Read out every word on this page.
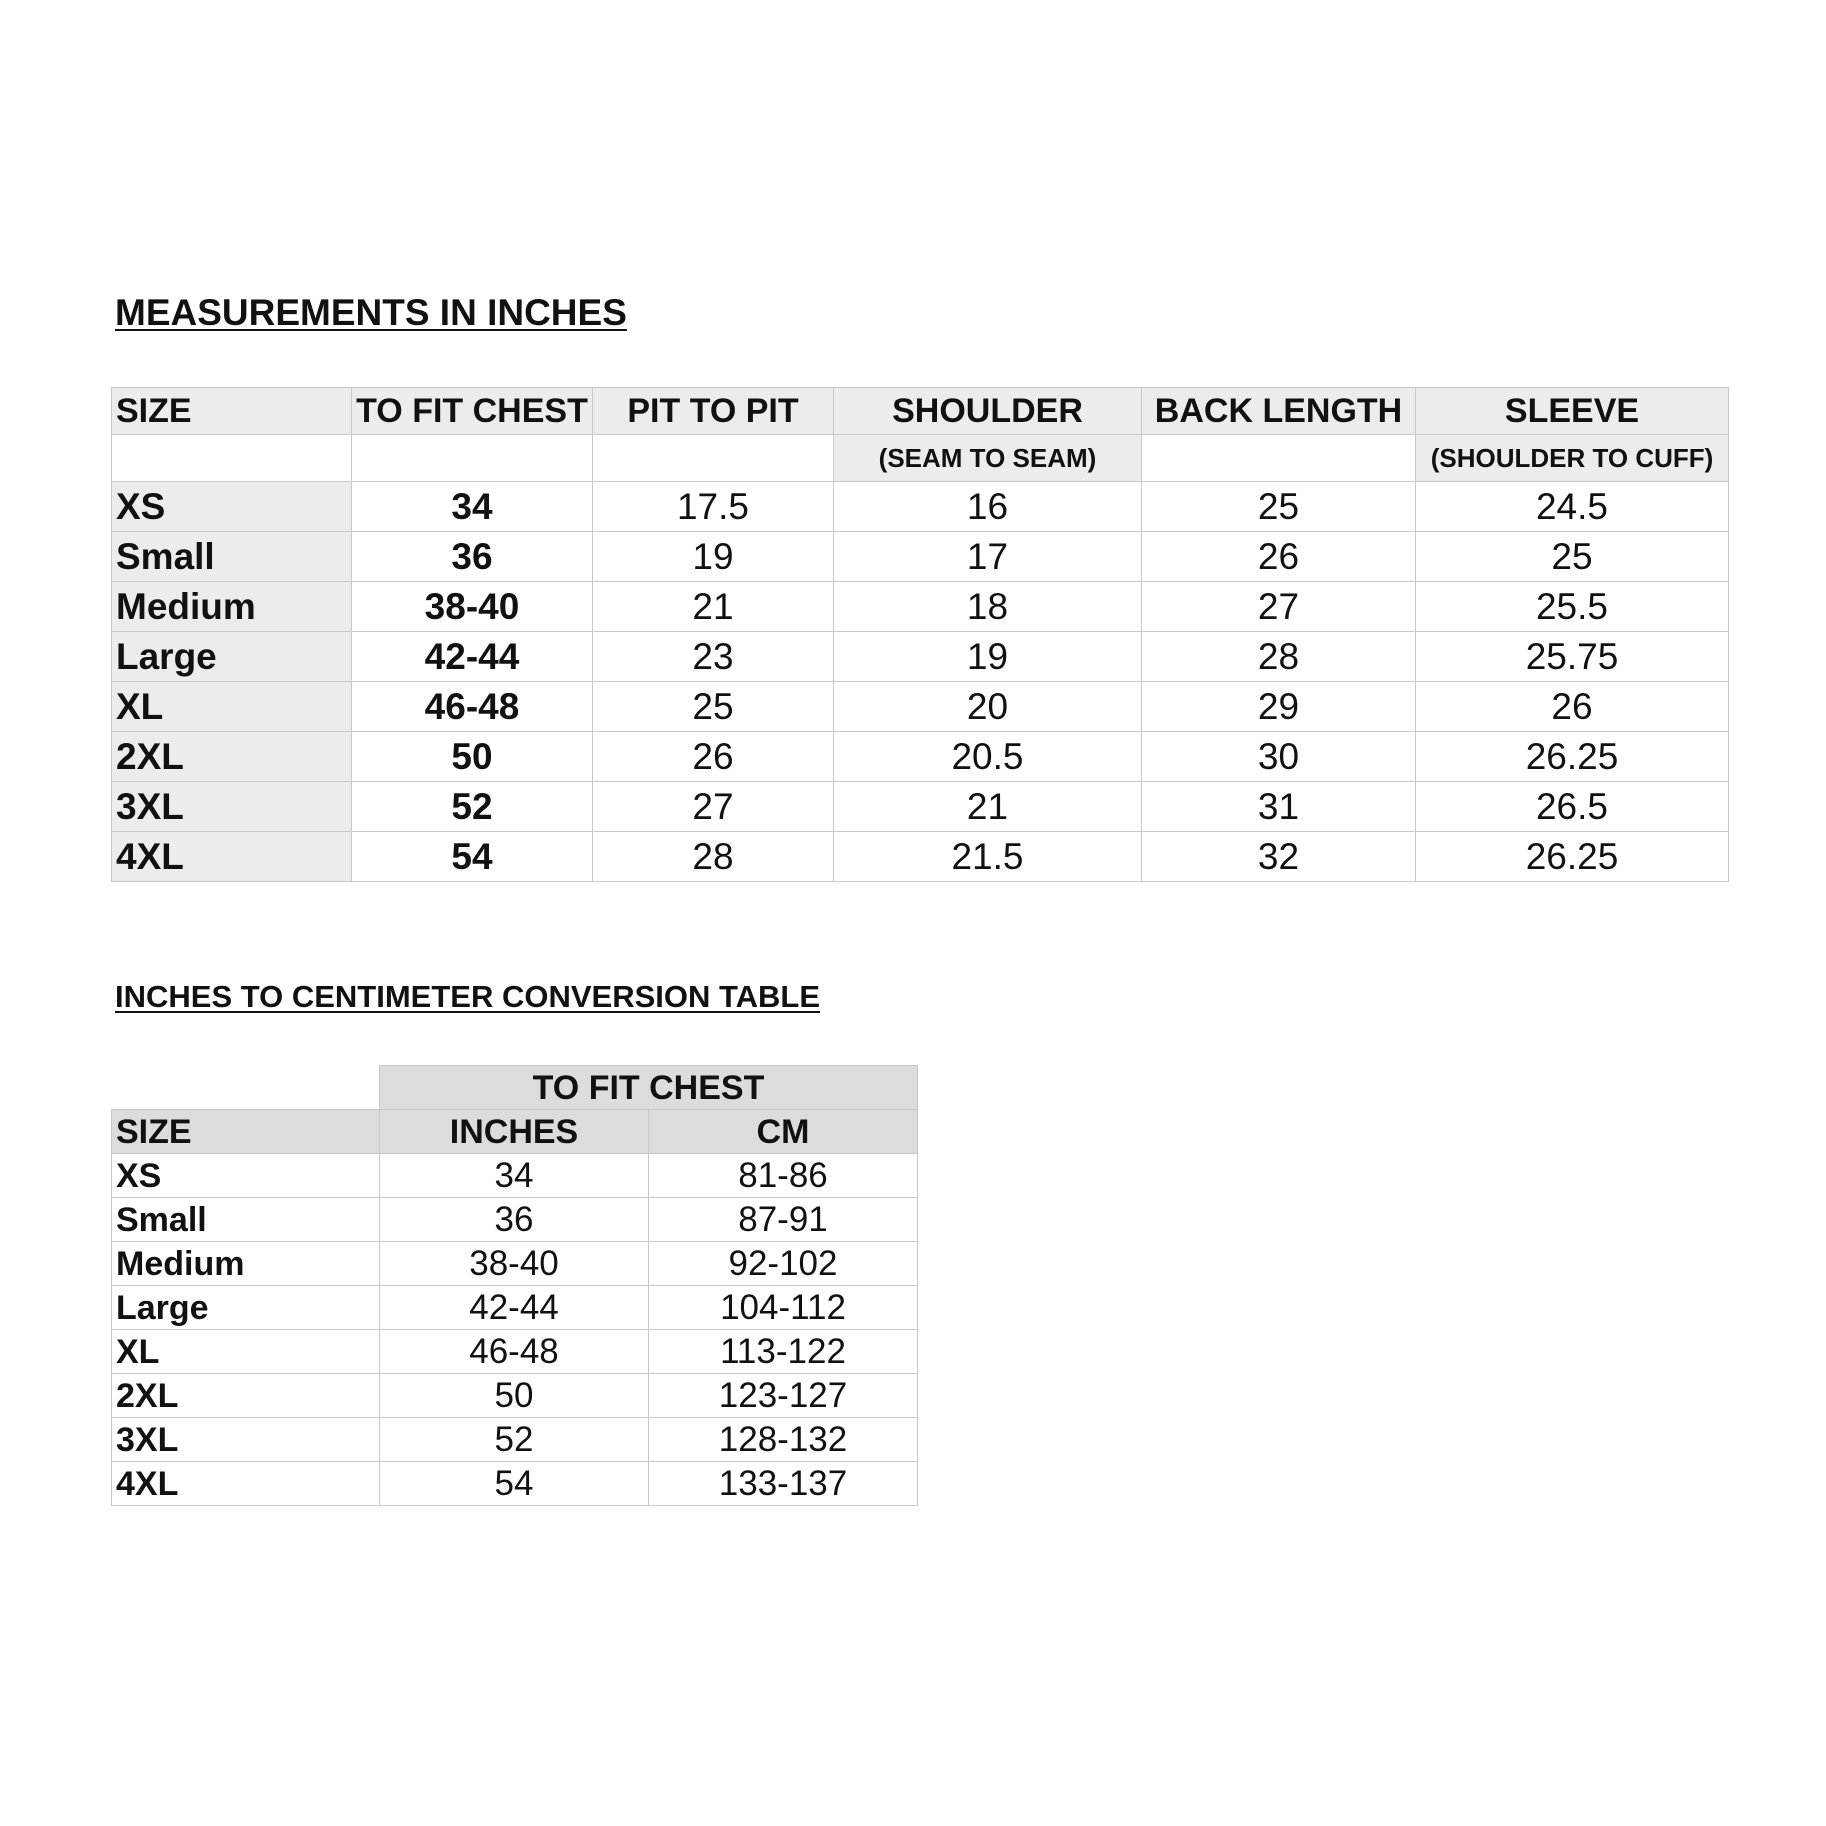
MEASUREMENTS IN INCHES
SIZE	TO FIT CHEST	PIT TO PIT	SHOULDER	BACK LENGTH	SLEEVE
			(SEAM TO SEAM)		(SHOULDER TO CUFF)
XS	34	17.5	16	25	24.5
Small	36	19	17	26	25
Medium	38-40	21	18	27	25.5
Large	42-44	23	19	28	25.75
XL	46-48	25	20	29	26
2XL	50	26	20.5	30	26.25
3XL	52	27	21	31	26.5
4XL	54	28	21.5	32	26.25
INCHES TO CENTIMETER CONVERSION TABLE
	TO FIT CHEST	
SIZE	INCHES	CM
XS	34	81-86
Small	36	87-91
Medium	38-40	92-102
Large	42-44	104-112
XL	46-48	113-122
2XL	50	123-127
3XL	52	128-132
4XL	54	133-137
